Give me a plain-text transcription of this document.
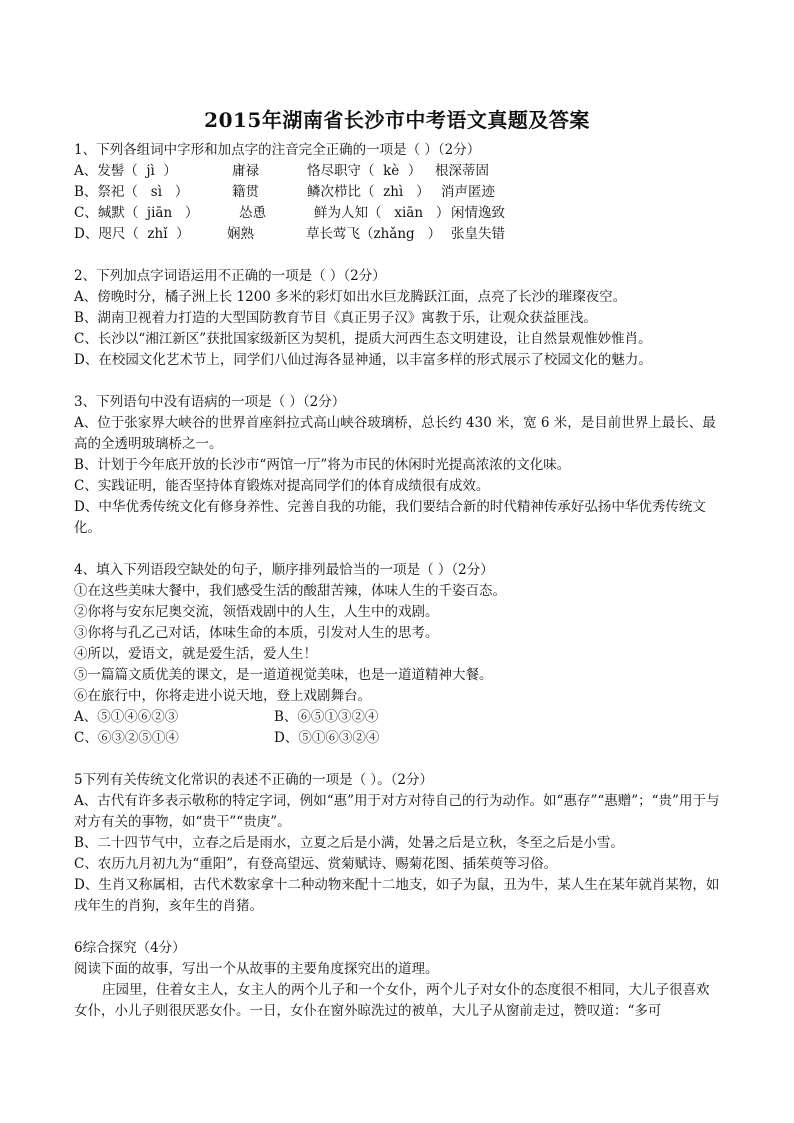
2015年湖南省长沙市中考语文真题及答案

1、下列各组词中字形和加点字的注音完全正确的一项是（ ）（2分）

A、发髻（  jì  ）	庸禄	恪尽职守（  kè  ）	根深蒂固
B、祭祀（   sì   ）	籍贯	鳞次栉比（  zhì   ） 消声匿迹
C、缄默（  jiān   ）	怂恿	鲜为人知（   xiān   ） 闲情逸致
D、咫尺（  zhǐ  ）	娴熟	草长莺飞（zhǎng   ） 张皇失错

2、下列加点字词语运用不正确的一项是（ ）（2分）

A、傍晚时分，橘子洲上长 1200 多米的彩灯如出水巨龙腾跃江面，点亮了长沙的璀璨夜空。

B、湖南卫视着力打造的大型国防教育节目《真正男子汉》寓教于乐，让观众获益匪浅。

C、长沙以“湘江新区”获批国家级新区为契机，提质大河西生态文明建设，让自然景观惟妙惟肖。

D、在校园文化艺术节上，同学们八仙过海各显神通，以丰富多样的形式展示了校园文化的魅力。

3、下列语句中没有语病的一项是（ ）（2分）

A、位于张家界大峡谷的世界首座斜拉式高山峡谷玻璃桥，总长约 430 米，宽 6 米，是目前世界上最长、最高的全透明玻璃桥之一。

B、计划于今年底开放的长沙市“两馆一厅”将为市民的休闲时光提高浓浓的文化味。

C、实践证明，能否坚持体育锻炼对提高同学们的体育成绩很有成效。

D、中华优秀传统文化有修身养性、完善自我的功能，我们要结合新的时代精神传承好弘扬中华优秀传统文化。

4、填入下列语段空缺处的句子，顺序排列最恰当的一项是（ ）（2分）

①在这些美味大餐中，我们感受生活的酸甜苦辣，体味人生的千姿百态。

②你将与安东尼奥交流，领悟戏剧中的人生，人生中的戏剧。

③你将与孔乙己对话，体味生命的本质，引发对人生的思考。

④所以，爱语文，就是爱生活，爱人生！

⑤一篇篇文质优美的课文，是一道道视觉美味，也是一道道精神大餐。

⑥在旅行中，你将走进小说天地，登上戏剧舞台。

A、⑤①④⑥②③	B、⑥⑤①③②④
C、⑥③②⑤①④	D、⑤①⑥③②④

5下列有关传统文化常识的表述不正确的一项是（ ）。（2分）

A、古代有许多表示敬称的特定字词，例如“惠”用于对方对待自己的行为动作。如“惠存”“惠赠”；“贵”用于与对方有关的事物，如“贵干”“贵庚”。

B、二十四节气中，立春之后是雨水，立夏之后是小满，处暑之后是立秋，冬至之后是小雪。

C、农历九月初九为“重阳”，有登高望远、赏菊赋诗、赐菊花图、插茱萸等习俗。

D、生肖又称属相，古代术数家拿十二种动物来配十二地支，如子为鼠，丑为牛，某人生在某年就肖某物，如戌年生的肖狗，亥年生的肖猪。

6综合探究（4分）

阅读下面的故事，写出一个从故事的主要角度探究出的道理。

庄园里，住着女主人，女主人的两个儿子和一个女仆，两个儿子对女仆的态度很不相同，大儿子很喜欢女仆，小儿子则很厌恶女仆。一日，女仆在窗外晾洗过的被单，大儿子从窗前走过，赞叹道：“多可
